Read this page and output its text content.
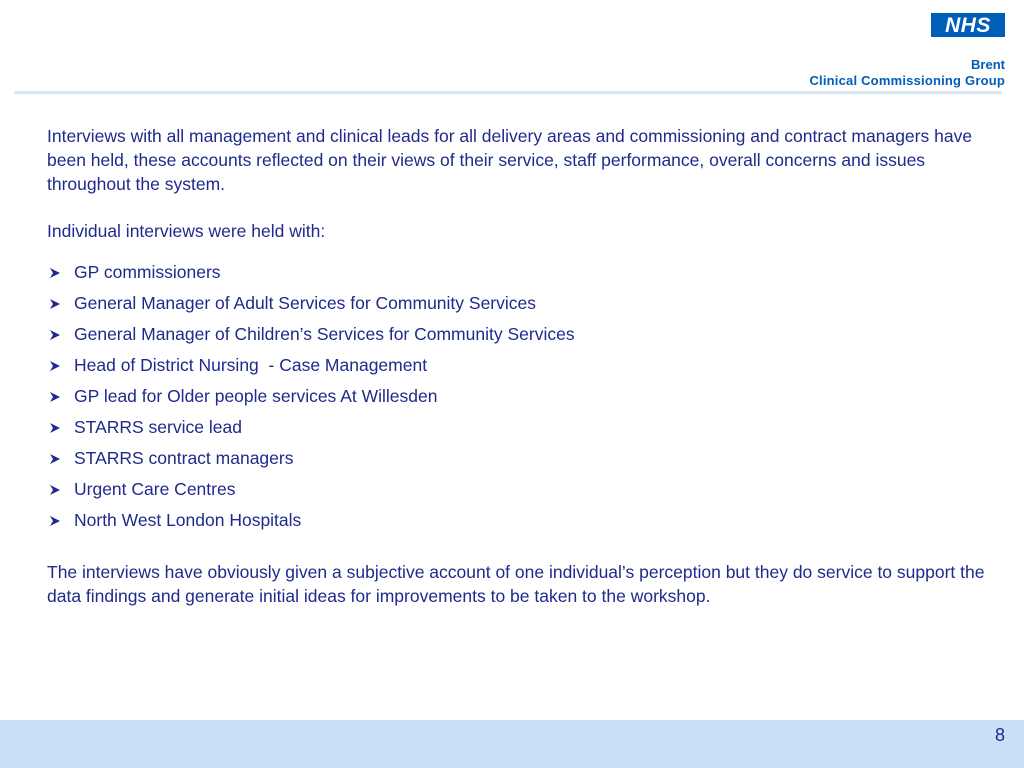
NHS
Brent
Clinical Commissioning Group

Interviews with all management and clinical leads for all delivery areas and commissioning and contract managers have been held, these accounts reflected on their views of their service, staff performance, overall concerns and issues throughout the system.

Individual interviews were held with:

GP commissioners
General Manager of Adult Services for Community Services
General Manager of Children’s Services for Community Services
Head of District Nursing  - Case Management
GP lead for Older people services At Willesden
STARRS service lead
STARRS contract managers
Urgent Care Centres
North West London Hospitals

The interviews have obviously given a subjective account of one individual’s perception but they do service to support the data findings and generate initial ideas for improvements to be taken to the workshop.

8
